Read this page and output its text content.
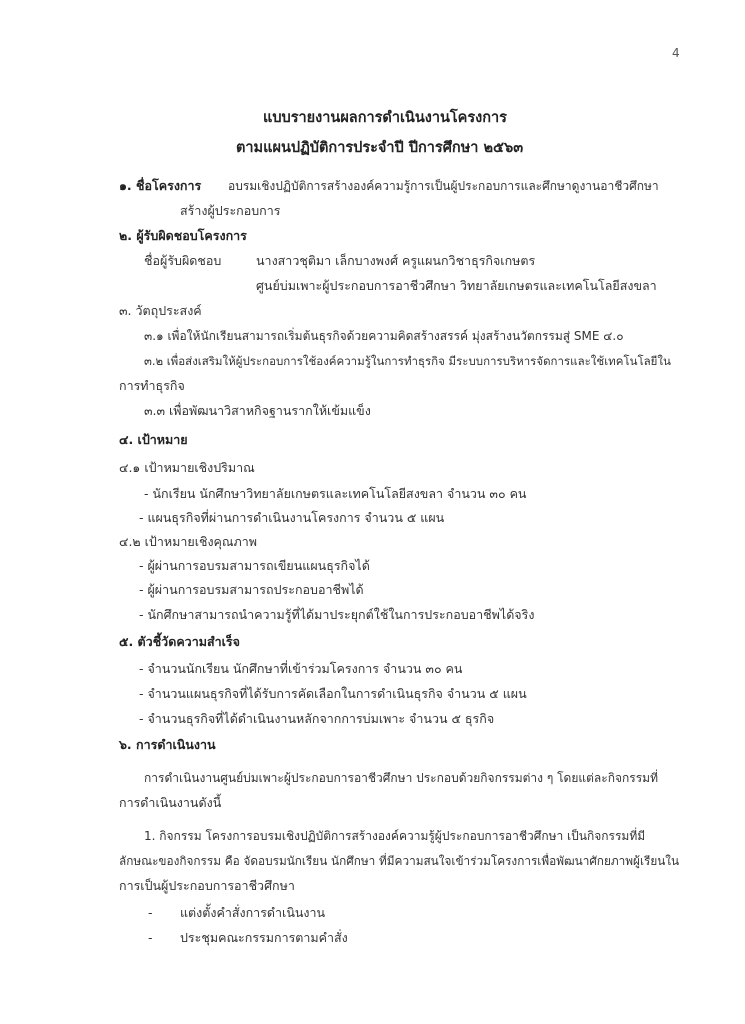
4
แบบรายงานผลการดำเนินงานโครงการ
ตามแผนปฏิบัติการประจำปี ปีการศึกษา ๒๕๖๓
๑. ชื่อโครงการ อบรมเชิงปฏิบัติการสร้างองค์ความรู้การเป็นผู้ประกอบการและศึกษาดูงานอาชีวศึกษา
สร้างผู้ประกอบการ
๒. ผู้รับผิดชอบโครงการ
ชื่อผู้รับผิดชอบ	นางสาวชุติมา เล็กบางพงศ์ ครูแผนกวิชาธุรกิจเกษตร
ศูนย์บ่มเพาะผู้ประกอบการอาชีวศึกษา วิทยาลัยเกษตรและเทคโนโลยีสงขลา
๓. วัตถุประสงค์
๓.๑ เพื่อให้นักเรียนสามารถเริ่มต้นธุรกิจด้วยความคิดสร้างสรรค์ มุ่งสร้างนวัตกรรมสู่ SME ๔.๐
๓.๒ เพื่อส่งเสริมให้ผู้ประกอบการใช้องค์ความรู้ในการทำธุรกิจ มีระบบการบริหารจัดการและใช้เทคโนโลยีใน
การทำธุรกิจ
๓.๓ เพื่อพัฒนาวิสาหกิจฐานรากให้เข้มแข็ง
๔. เป้าหมาย
๔.๑ เป้าหมายเชิงปริมาณ
- นักเรียน นักศึกษาวิทยาลัยเกษตรและเทคโนโลยีสงขลา จำนวน ๓๐ คน
- แผนธุรกิจที่ผ่านการดำเนินงานโครงการ จำนวน ๕ แผน
๔.๒ เป้าหมายเชิงคุณภาพ
- ผู้ผ่านการอบรมสามารถเขียนแผนธุรกิจได้
- ผู้ผ่านการอบรมสามารถประกอบอาชีพได้
- นักศึกษาสามารถนำความรู้ที่ได้มาประยุกต์ใช้ในการประกอบอาชีพได้จริง
๕. ตัวชี้วัดความสำเร็จ
- จำนวนนักเรียน นักศึกษาที่เข้าร่วมโครงการ จำนวน ๓๐ คน
- จำนวนแผนธุรกิจที่ได้รับการคัดเลือกในการดำเนินธุรกิจ จำนวน ๕ แผน
- จำนวนธุรกิจที่ได้ดำเนินงานหลักจากการบ่มเพาะ จำนวน ๕ ธุรกิจ
๖. การดำเนินงาน
การดำเนินงานศูนย์บ่มเพาะผู้ประกอบการอาชีวศึกษา ประกอบด้วยกิจกรรมต่าง ๆ โดยแต่ละกิจกรรมที่
การดำเนินงานดังนี้
1. กิจกรรม โครงการอบรมเชิงปฏิบัติการสร้างองค์ความรู้ผู้ประกอบการอาชีวศึกษา เป็นกิจกรรมที่มี
ลักษณะของกิจกรรม คือ จัดอบรมนักเรียน นักศึกษา ที่มีความสนใจเข้าร่วมโครงการเพื่อพัฒนาศักยภาพผู้เรียนใน
การเป็นผู้ประกอบการอาชีวศึกษา
- แต่งตั้งคำสั่งการดำเนินงาน
- ประชุมคณะกรรมการตามคำสั่ง
